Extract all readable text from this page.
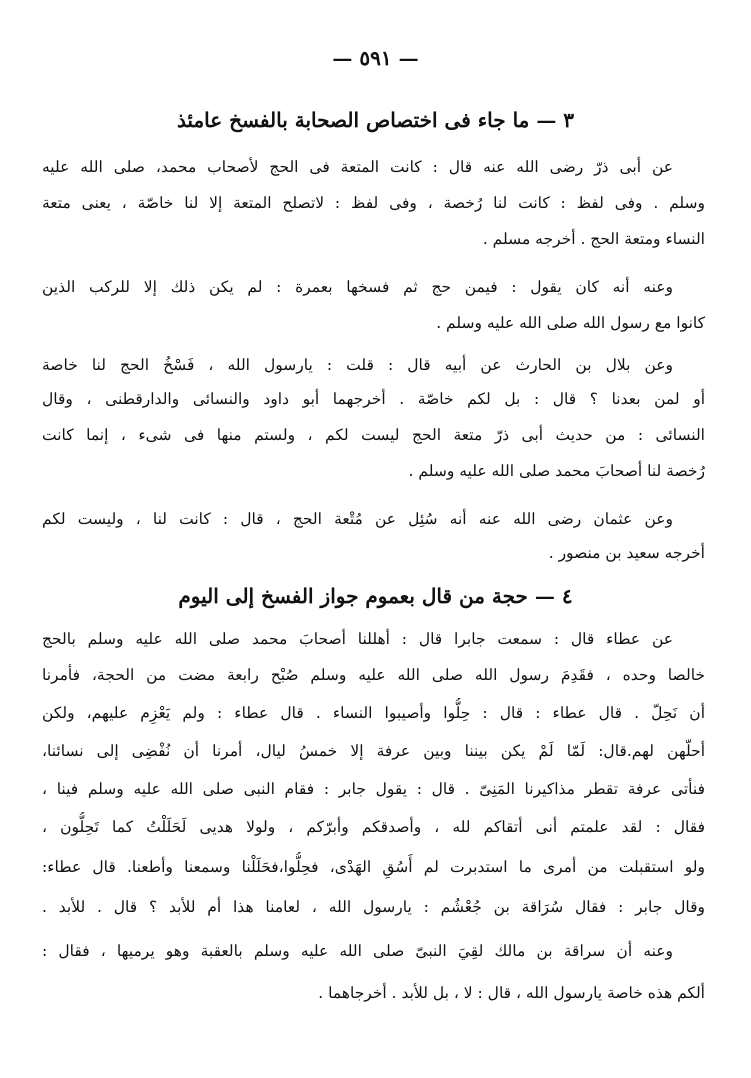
— ٥٩١ —
٣ — ما جاء فى اختصاص الصحابة بالفسخ عامئذ
عن أبى ذرّ رضى الله عنه قال : كانت المتعة فى الحج لأصحاب محمد، صلى الله عليه
وسلم . وفى لفظ : كانت لنا رُخصة ، وفى لفظ : لاتصلح المتعة إلا لنا خاصّة ، يعنى متعة
النساء ومتعة الحج . أخرجه مسلم .
وعنه أنه كان يقول : فيمن حج ثم فسخها بعمرة : لم يكن ذلك إلا للركب الذين
كانوا مع رسول الله صلى الله عليه وسلم .
وعن بلال بن الحارث عن أبيه قال : قلت : يارسول الله ، فَسْخُ الحج لنا خاصة
أو لمن بعدنا ؟ قال : بل لكم خاصّة . أخرجهما أبو داود والنسائى والدارقطنى ، وقال
النسائى : من حديث أبى ذرّ متعة الحج ليست لكم ، ولستم منها فى شىء ، إنما كانت
رُخصة لنا أصحابَ محمد صلى الله عليه وسلم .
وعن عثمان رضى الله عنه أنه سُئِل عن مُتْعة الحج ، قال : كانت لنا ، وليست لكم
أخرجه سعيد بن منصور .
٤ — حجة من قال بعموم جواز الفسخ إلى اليوم
عن عطاء قال : سمعت جابرا قال : أهللنا أصحابَ محمد صلى الله عليه وسلم بالحج
خالصا وحده ، فقَدِمَ رسول الله صلى الله عليه وسلم صُبْح رابعة مضت من الحجة، فأمرنا
أن نَحِلّ . قال عطاء : قال : حِلُّوا وأصيبوا النساء . قال عطاء : ولم يَعْزِم عليهم، ولكن
أحلّهن لهم.قال: لَمّا لَمْ يكن بيننا وبين عرفة إلا خمسُ ليال، أمرنا أن نُفْضِى إلى نسائنا،
فنأتى عرفة تقطر مذاكيرنا المَنِىّ . قال : يقول جابر : فقام النبى صلى الله عليه وسلم فينا ،
فقال : لقد علمتم أنى أتقاكم لله ، وأصدقكم وأبرّكم ، ولولا هديى لَحَلَلْتُ كما تَحِلُّون ،
ولو استقبلت من أمرى ما استدبرت لم أَسُقِ الهَدْى، فحِلُّوا،فحَلَلْنا وسمعنا وأطعنا. قال عطاء:
وقال جابر : فقال سُرَاقة بن جُعْشُم : يارسول الله ، لعامنا هذا أم للأبد ؟ قال . للأبد .
وعنه أن سراقة بن مالك لقِيَ النبىّ صلى الله عليه وسلم بالعقبة وهو يرميها ، فقال :
ألكم هذه خاصة يارسول الله ، قال : لا ، بل للأبد . أخرجاهما .
